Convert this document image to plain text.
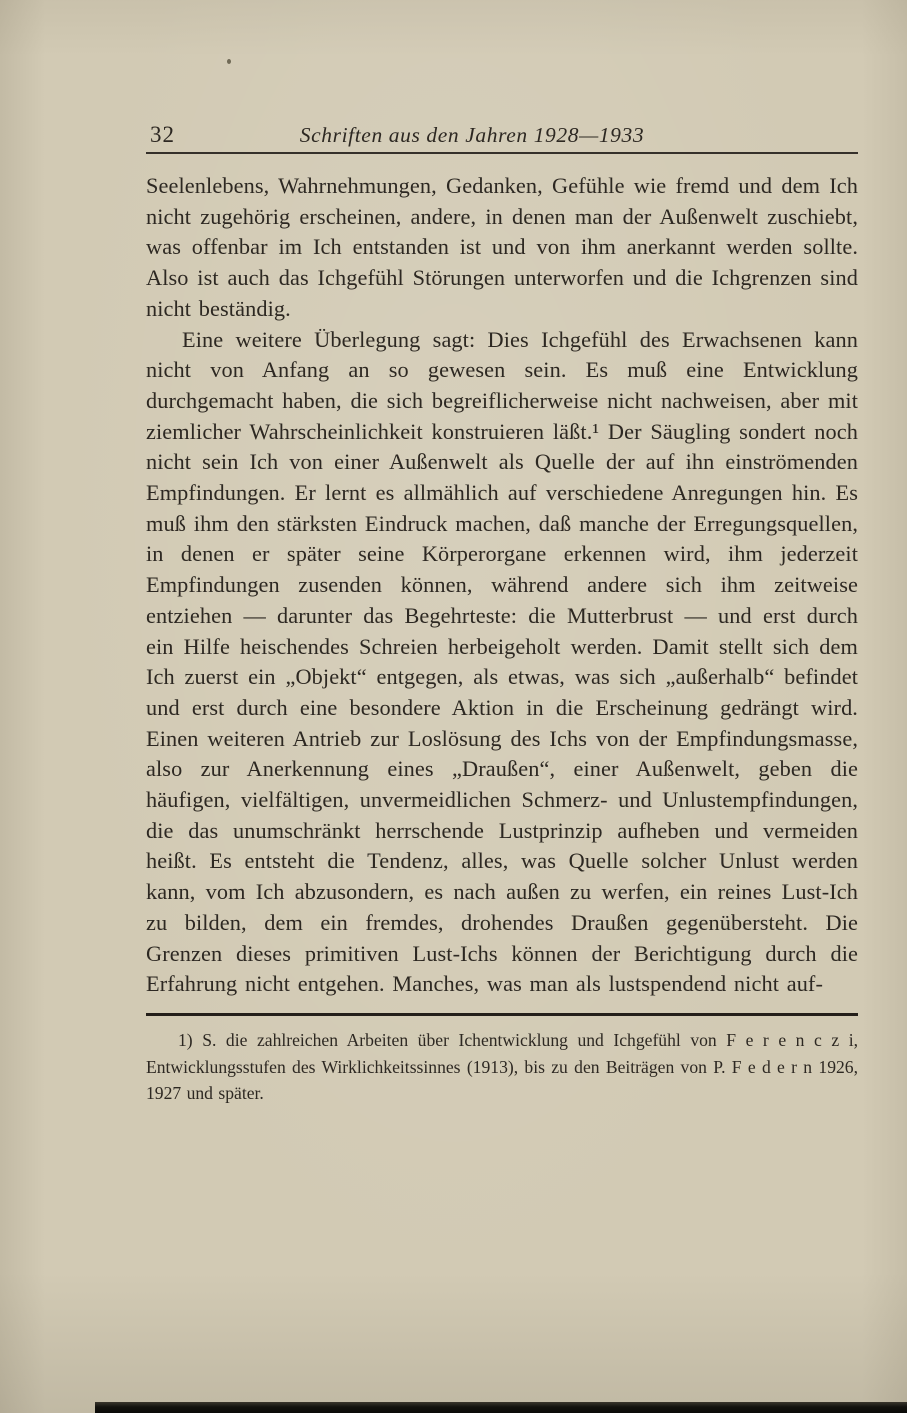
32	Schriften aus den Jahren 1928—1933

Seelenlebens, Wahrnehmungen, Gedanken, Gefühle wie fremd und dem Ich nicht zugehörig erscheinen, andere, in denen man der Außenwelt zuschiebt, was offenbar im Ich entstanden ist und von ihm anerkannt werden sollte. Also ist auch das Ichgefühl Störungen unterworfen und die Ichgrenzen sind nicht beständig.

Eine weitere Überlegung sagt: Dies Ichgefühl des Erwachsenen kann nicht von Anfang an so gewesen sein. Es muß eine Entwicklung durchgemacht haben, die sich begreiflicherweise nicht nachweisen, aber mit ziemlicher Wahrscheinlichkeit konstruieren läßt.¹ Der Säugling sondert noch nicht sein Ich von einer Außenwelt als Quelle der auf ihn einströmenden Empfindungen. Er lernt es allmählich auf verschiedene Anregungen hin. Es muß ihm den stärksten Eindruck machen, daß manche der Erregungsquellen, in denen er später seine Körperorgane erkennen wird, ihm jederzeit Empfindungen zusenden können, während andere sich ihm zeitweise entziehen — darunter das Begehrteste: die Mutterbrust — und erst durch ein Hilfe heischendes Schreien herbeigeholt werden. Damit stellt sich dem Ich zuerst ein „Objekt“ entgegen, als etwas, was sich „außerhalb“ befindet und erst durch eine besondere Aktion in die Erscheinung gedrängt wird. Einen weiteren Antrieb zur Loslösung des Ichs von der Empfindungsmasse, also zur Anerkennung eines „Draußen“, einer Außenwelt, geben die häufigen, vielfältigen, unvermeidlichen Schmerz- und Unlustempfindungen, die das unumschränkt herrschende Lustprinzip aufheben und vermeiden heißt. Es entsteht die Tendenz, alles, was Quelle solcher Unlust werden kann, vom Ich abzusondern, es nach außen zu werfen, ein reines Lust-Ich zu bilden, dem ein fremdes, drohendes Draußen gegenübersteht. Die Grenzen dieses primitiven Lust-Ichs können der Berichtigung durch die Erfahrung nicht entgehen. Manches, was man als lustspendend nicht auf-

1) S. die zahlreichen Arbeiten über Ichentwicklung und Ichgefühl von F e r e n c z i, Entwicklungsstufen des Wirklichkeitssinnes (1913), bis zu den Beiträgen von P. F e d e r n 1926, 1927 und später.
